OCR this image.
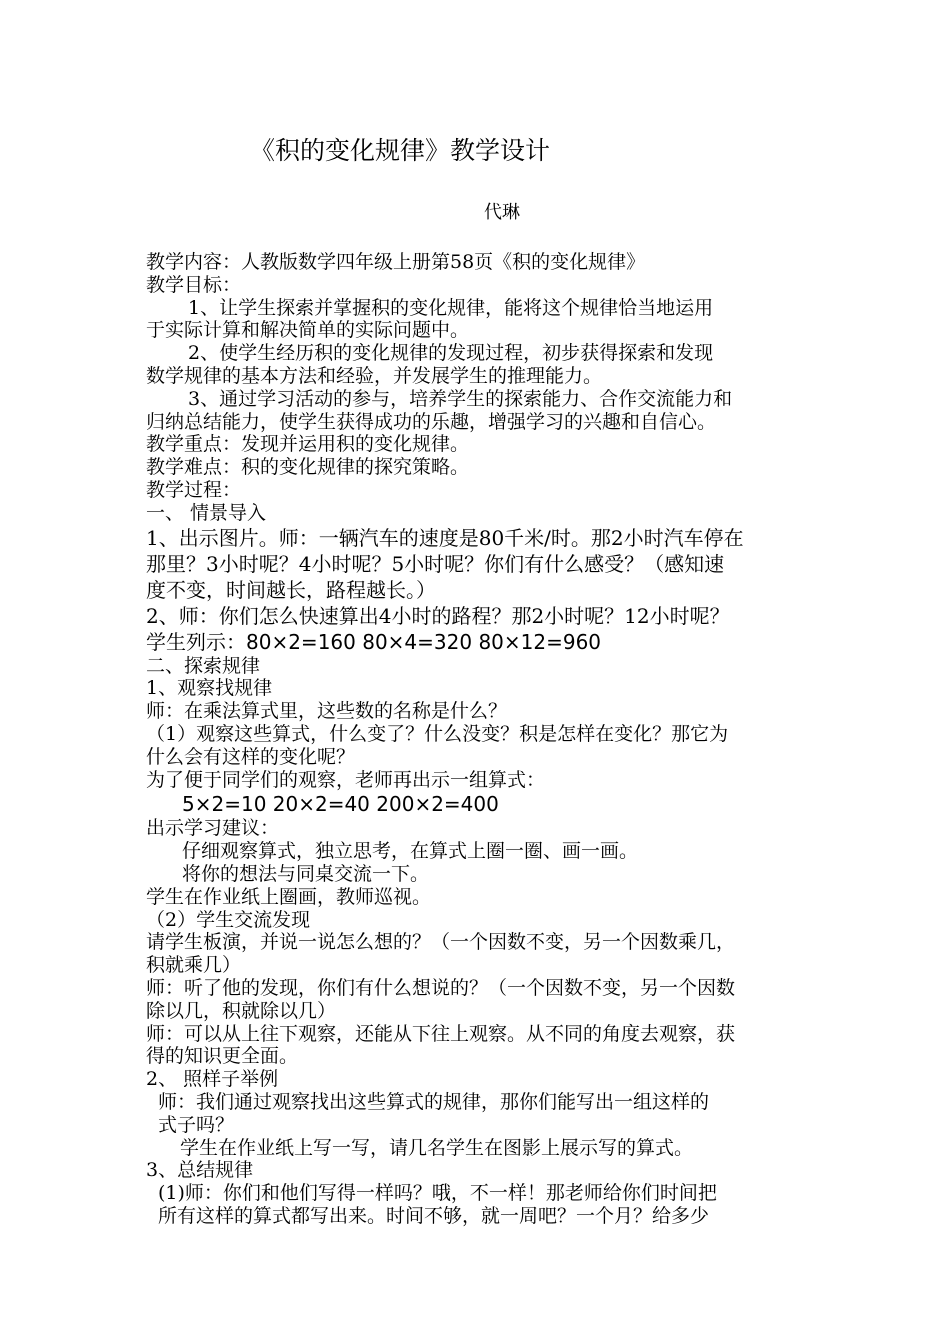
《积的变化规律》教学设计
代琳

教学内容：人教版数学四年级上册第58页《积的变化规律》

教学目标：

1、让学生探索并掌握积的变化规律，能将这个规律恰当地运用

于实际计算和解决简单的实际问题中。

2、使学生经历积的变化规律的发现过程，初步获得探索和发现

数学规律的基本方法和经验，并发展学生的推理能力。

3、通过学习活动的参与，培养学生的探索能力、合作交流能力和

归纳总结能力，使学生获得成功的乐趣，增强学习的兴趣和自信心。

教学重点：发现并运用积的变化规律。

教学难点：积的变化规律的探究策略。

教学过程：

一、 情景导入

1、出示图片。师：一辆汽车的速度是80千米/时。那2小时汽车停在

那里？3小时呢？4小时呢？5小时呢？你们有什么感受？（感知速

度不变，时间越长，路程越长。）

2、师：你们怎么快速算出4小时的路程？那2小时呢？12小时呢？

学生列示：80×2=160 80×4=320 80×12=960

二、探索规律

1、观察找规律

师：在乘法算式里，这些数的名称是什么？

（1）观察这些算式，什么变了？什么没变？积是怎样在变化？那它为

什么会有这样的变化呢？

为了便于同学们的观察，老师再出示一组算式：

5×2=10 20×2=40 200×2=400

出示学习建议：

仔细观察算式，独立思考，在算式上圈一圈、画一画。

将你的想法与同桌交流一下。

学生在作业纸上圈画，教师巡视。

（2）学生交流发现

请学生板演，并说一说怎么想的？（一个因数不变，另一个因数乘几，

积就乘几）

师：听了他的发现，你们有什么想说的？（一个因数不变，另一个因数

除以几，积就除以几）

师：可以从上往下观察，还能从下往上观察。从不同的角度去观察，获

得的知识更全面。

2、 照样子举例

师：我们通过观察找出这些算式的规律，那你们能写出一组这样的

式子吗？

学生在作业纸上写一写，请几名学生在图影上展示写的算式。

3、总结规律

(1)师：你们和他们写得一样吗？哦，不一样！那老师给你们时间把

所有这样的算式都写出来。时间不够，就一周吧？一个月？给多少
